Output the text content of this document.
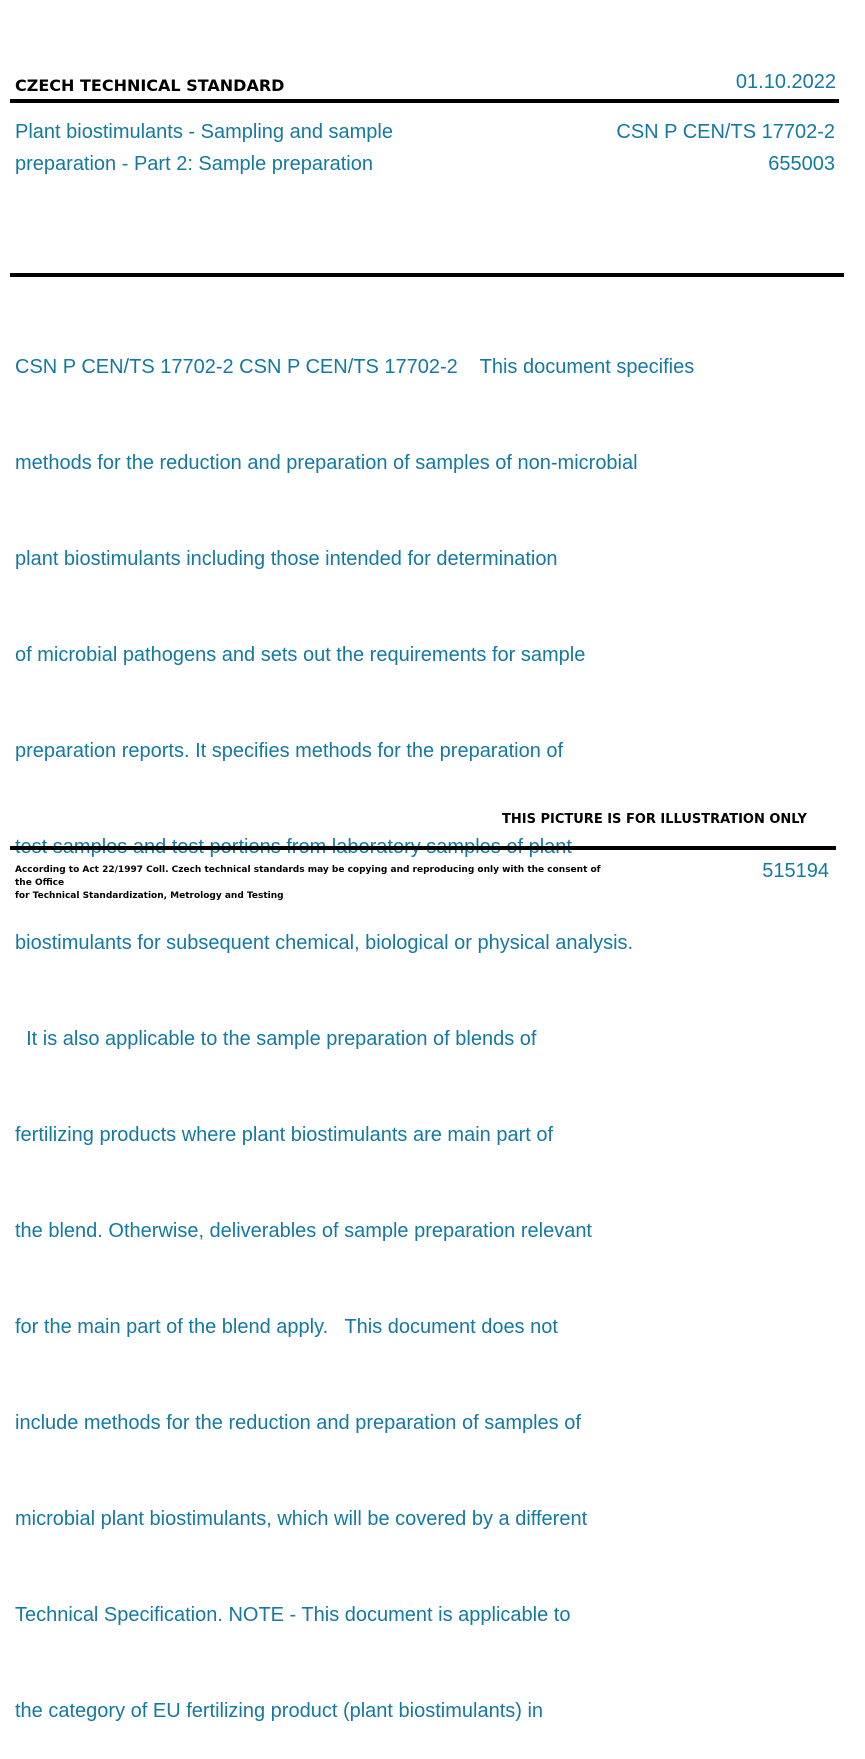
CZECH TECHNICAL STANDARD	01.10.2022
Plant biostimulants - Sampling and sample
preparation - Part 2: Sample preparation
CSN P CEN/TS 17702-2
655003

CSN P CEN/TS 17702-2 CSN P CEN/TS 17702-2    This document specifies

methods for the reduction and preparation of samples of non-microbial

plant biostimulants including those intended for determination

of microbial pathogens and sets out the requirements for sample

preparation reports. It specifies methods for the preparation of

biostimulants for subsequent chemical, biological or physical analysis.

It is also applicable to the sample preparation of blends of

fertilizing products where plant biostimulants are main part of

the blend. Otherwise, deliverables of sample preparation relevant

for the main part of the blend apply.   This document does not

include methods for the reduction and preparation of samples of

microbial plant biostimulants, which will be covered by a different

Technical Specification. NOTE - This document is applicable to

the category of EU fertilizing product (plant biostimulants) in

THIS PICTURE IS FOR ILLUSTRATION ONLY
According to Act 22/1997 Coll. Czech technical standards may be copying and reproducing only with the consent of the Office
for Technical Standardization, Metrology and Testing
515194
